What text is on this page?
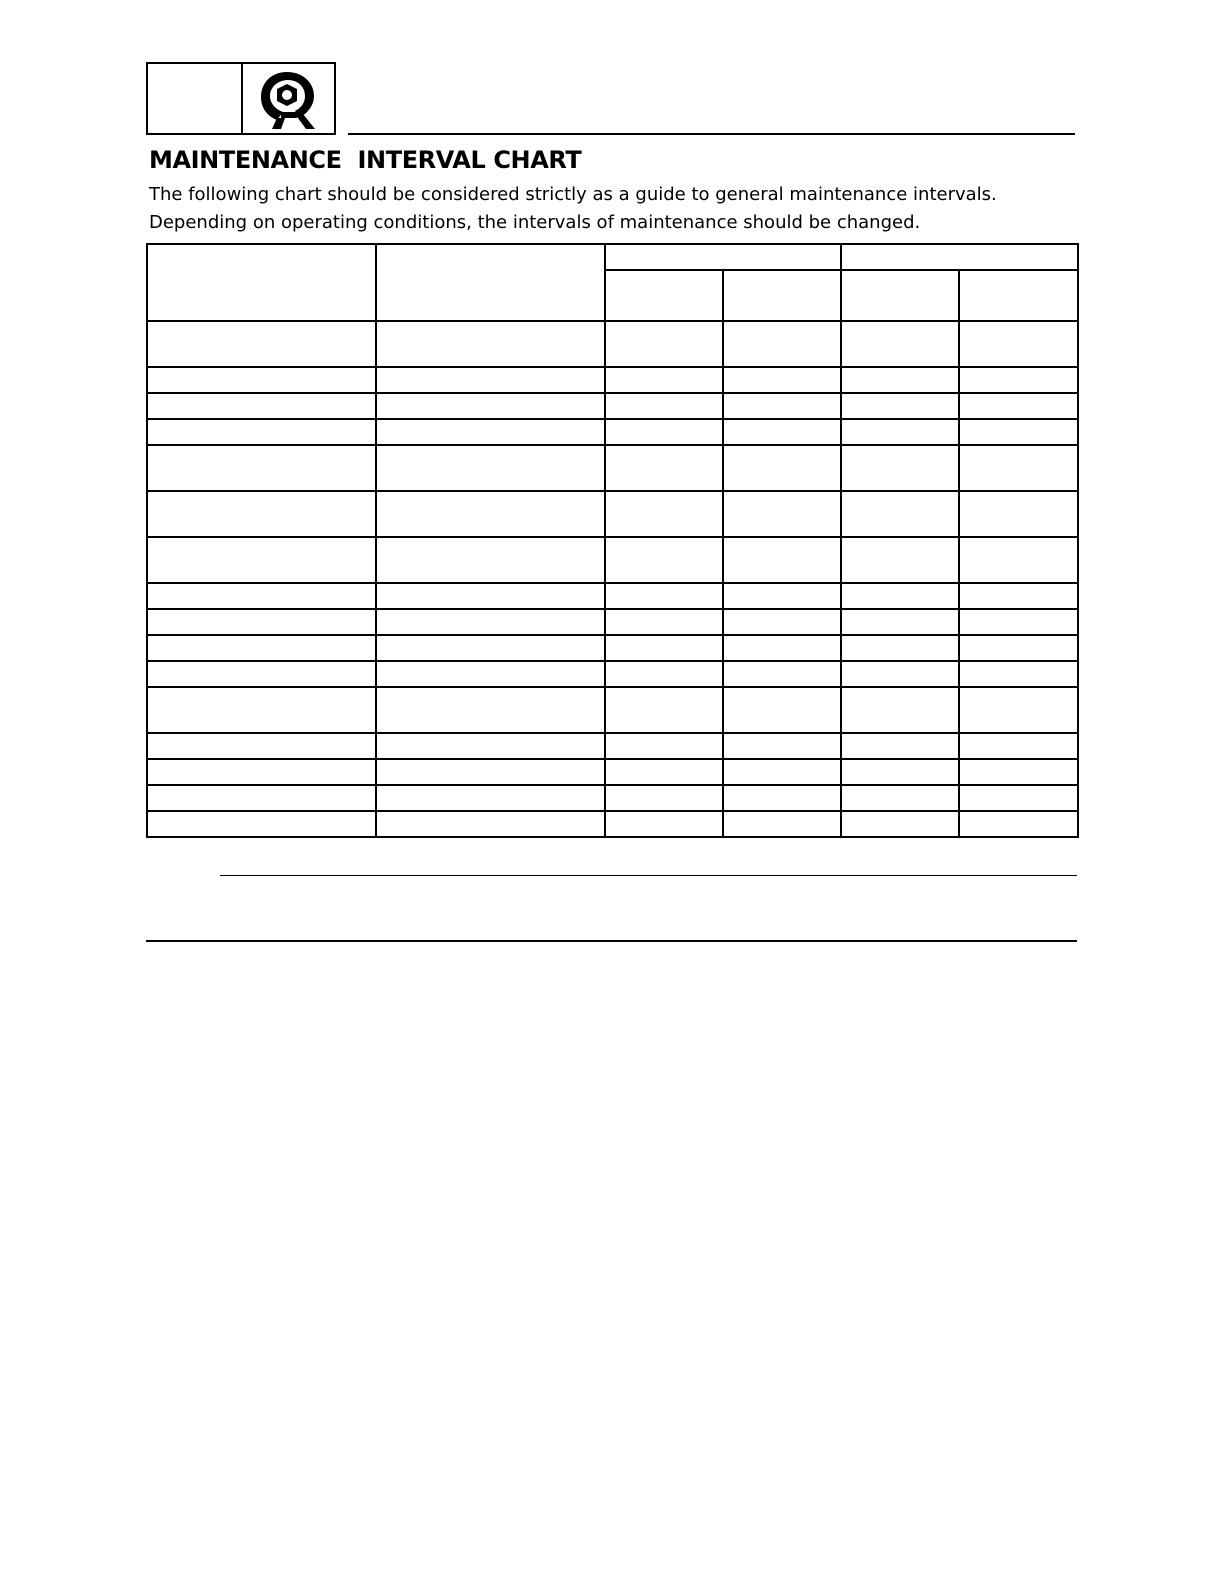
MAINTENANCE  INTERVAL CHART

The following chart should be considered strictly as a guide to general maintenance intervals.
Depending on operating conditions, the intervals of maintenance should be changed.
